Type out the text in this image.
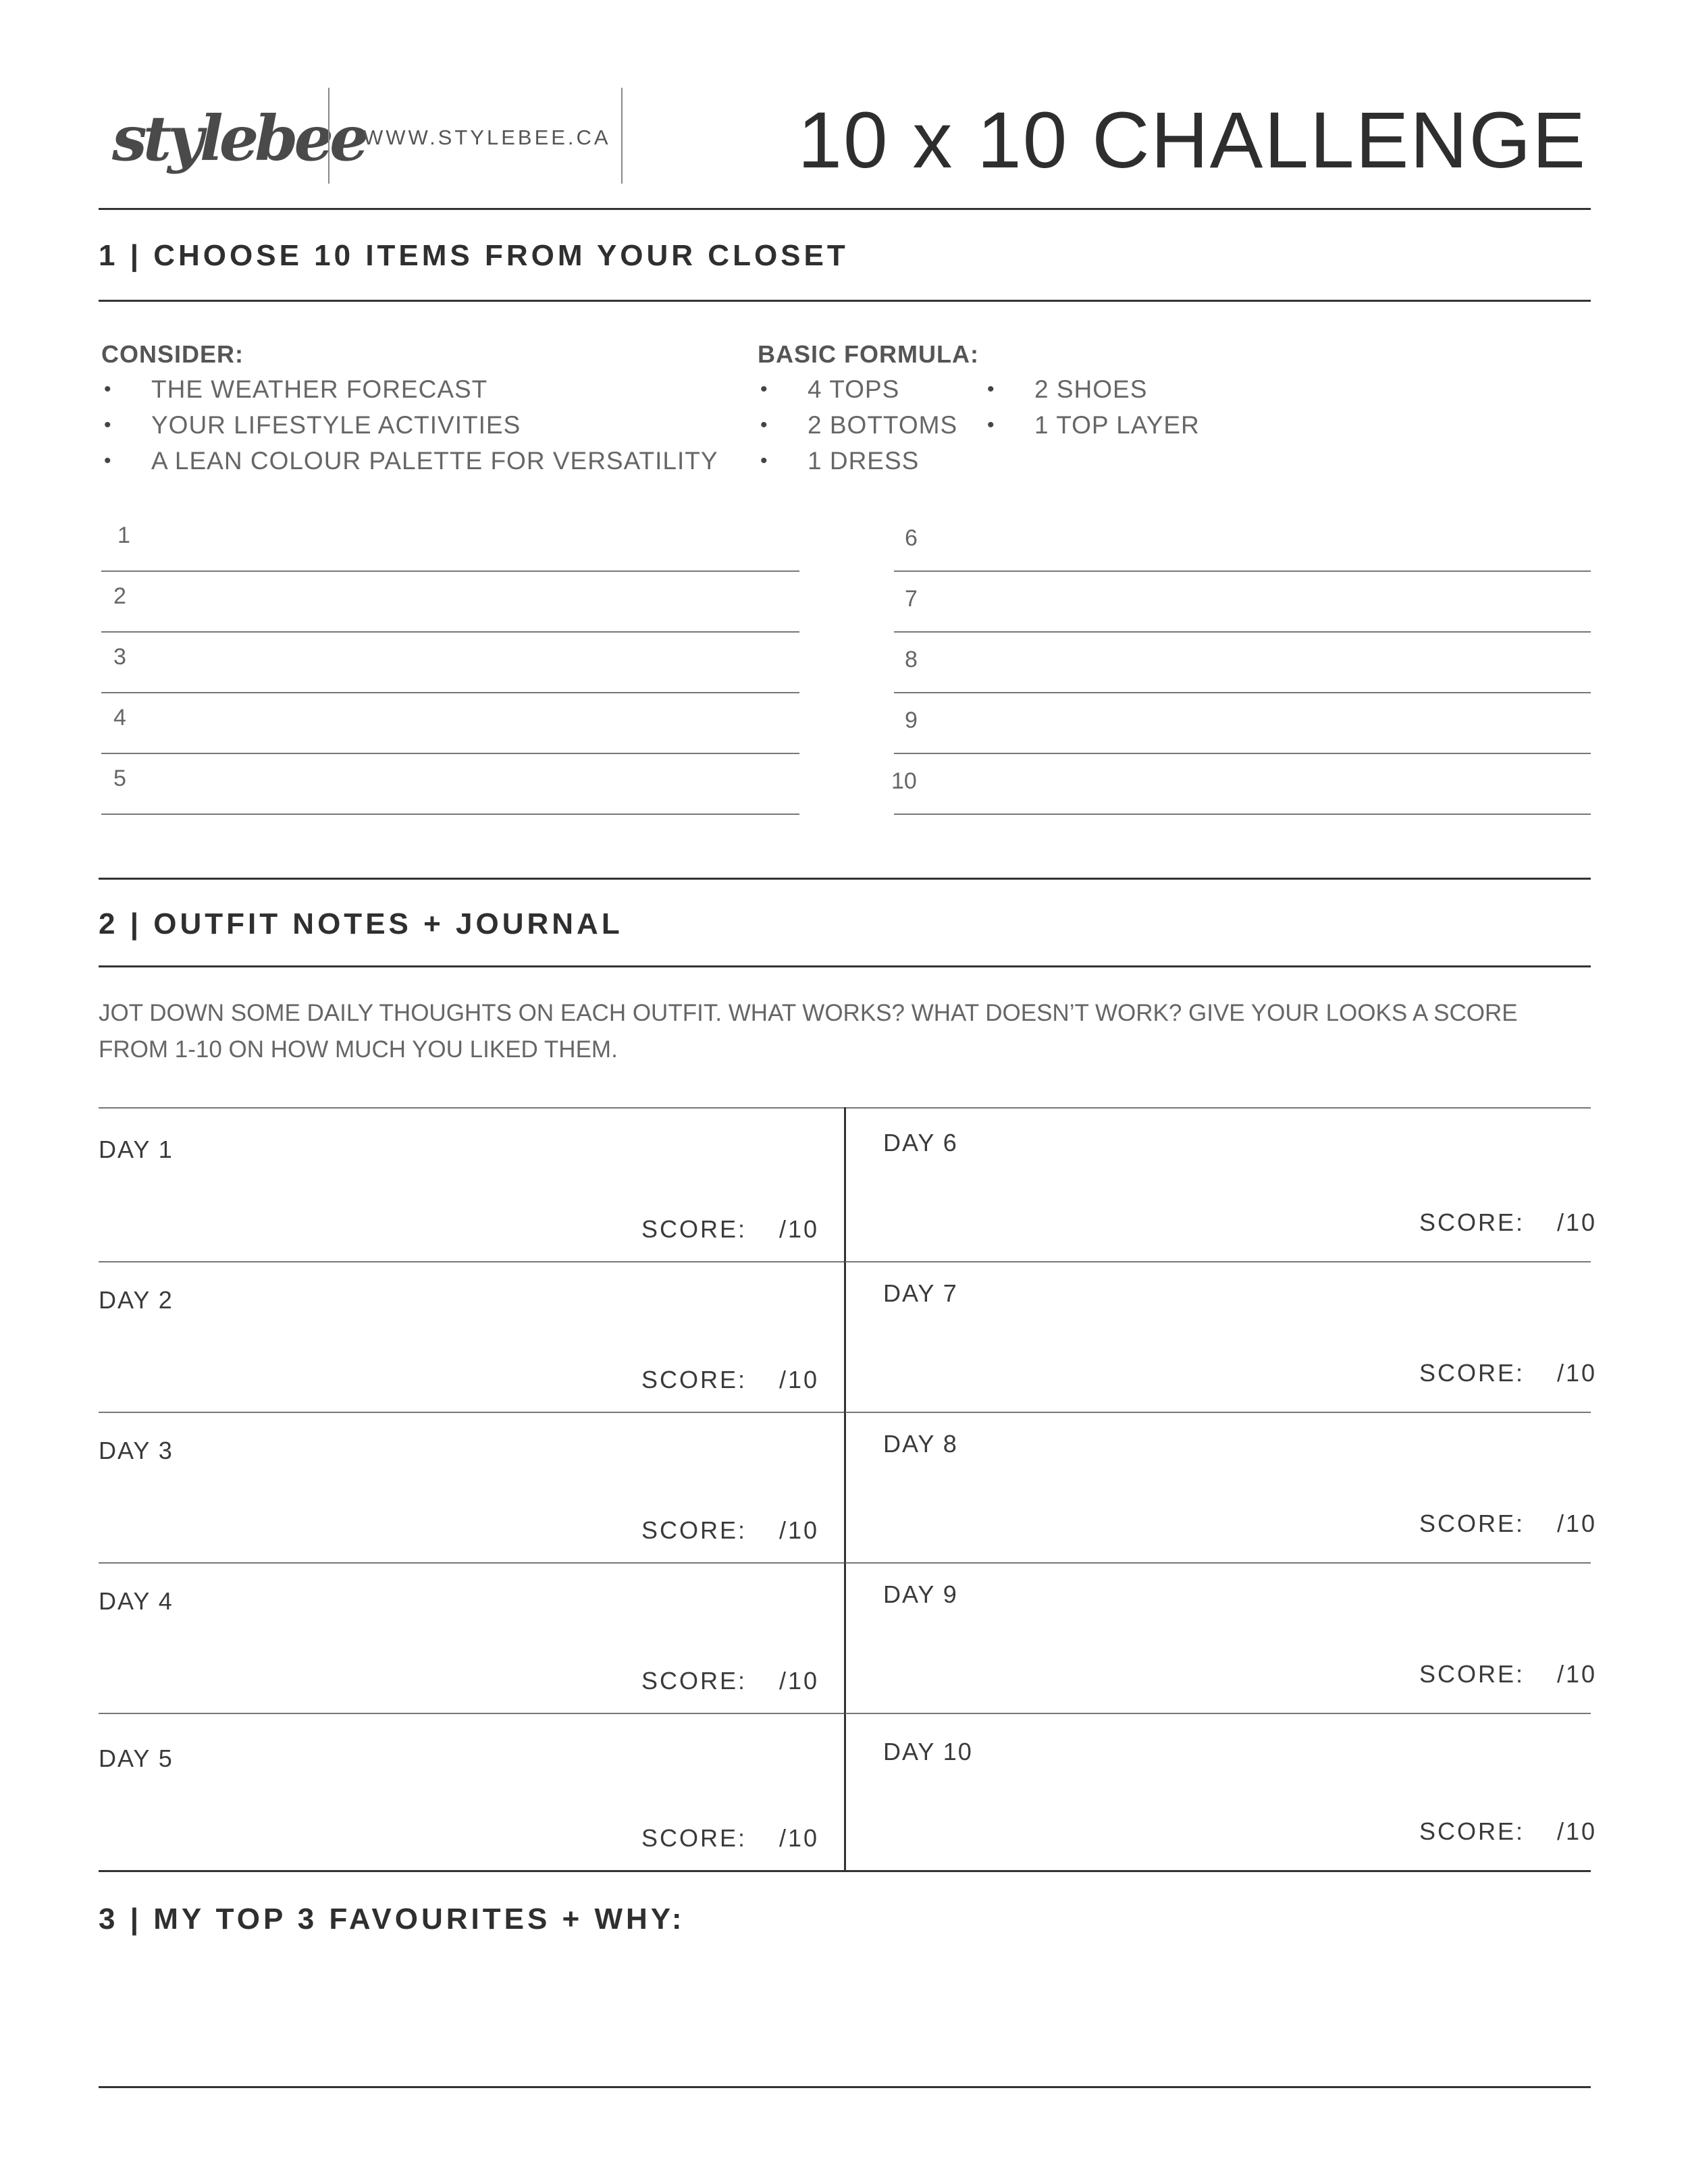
stylebee
WWW.STYLEBEE.CA 10 x 10 CHALLENGE
1 | CHOOSE 10 ITEMS FROM YOUR CLOSET
CONSIDER:
• THE WEATHER FORECAST
• YOUR LIFESTYLE ACTIVITIES
• A LEAN COLOUR PALETTE FOR VERSATILITY
BASIC FORMULA:
• 4 TOPS
• 2 BOTTOMS
• 1 DRESS
• 2 SHOES
• 1 TOP LAYER
1
2
3
4
5
6
7
8
9
10
2 | OUTFIT NOTES + JOURNAL
JOT DOWN SOME DAILY THOUGHTS ON EACH OUTFIT. WHAT WORKS? WHAT DOESN’T WORK? GIVE YOUR LOOKS A SCORE FROM 1-10 ON HOW MUCH YOU LIKED THEM.
DAY 1
SCORE: /10
DAY 2
SCORE: /10
DAY 3
SCORE: /10
DAY 4
SCORE: /10
DAY 5
SCORE: /10
DAY 6
SCORE: /10
DAY 7
SCORE: /10
DAY 8
SCORE: /10
DAY 9
SCORE: /10
DAY 10
SCORE: /10
3 | MY TOP 3 FAVOURITES + WHY:
